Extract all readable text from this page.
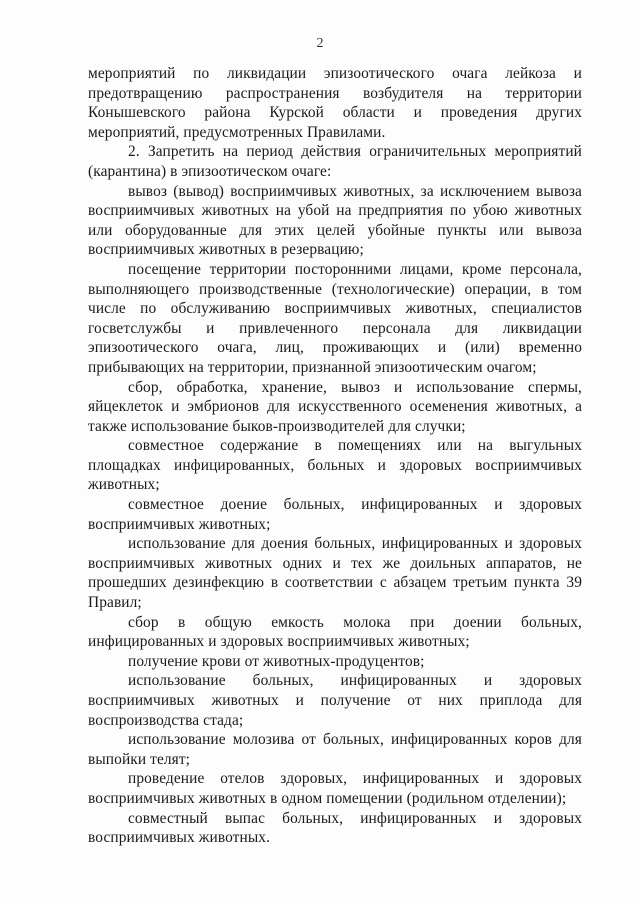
2

мероприятий по ликвидации эпизоотического очага лейкоза и предотвращению распространения возбудителя на территории Конышевского района Курской области и проведения других мероприятий, предусмотренных Правилами.

2. Запретить на период действия ограничительных мероприятий (карантина) в эпизоотическом очаге:

вывоз (вывод) восприимчивых животных, за исключением вывоза восприимчивых животных на убой на предприятия по убою животных или оборудованные для этих целей убойные пункты или вывоза восприимчивых животных в резервацию;

посещение территории посторонними лицами, кроме персонала, выполняющего производственные (технологические) операции, в том числе по обслуживанию восприимчивых животных, специалистов госветслужбы и привлеченного персонала для ликвидации эпизоотического очага, лиц, проживающих и (или) временно прибывающих на территории, признанной эпизоотическим очагом;

сбор, обработка, хранение, вывоз и использование спермы, яйцеклеток и эмбрионов для искусственного осеменения животных, а также использование быков-производителей для случки;

совместное содержание в помещениях или на выгульных площадках инфицированных, больных и здоровых восприимчивых животных;

совместное доение больных, инфицированных и здоровых восприимчивых животных;

использование для доения больных, инфицированных и здоровых восприимчивых животных одних и тех же доильных аппаратов, не прошедших дезинфекцию в соответствии с абзацем третьим пункта 39 Правил;

сбор в общую емкость молока при доении больных, инфицированных и здоровых восприимчивых животных;

получение крови от животных-продуцентов;

использование больных, инфицированных и здоровых восприимчивых животных и получение от них приплода для воспроизводства стада;

использование молозива от больных, инфицированных коров для выпойки телят;

проведение отелов здоровых, инфицированных и здоровых восприимчивых животных в одном помещении (родильном отделении);

совместный выпас больных, инфицированных и здоровых восприимчивых животных.
